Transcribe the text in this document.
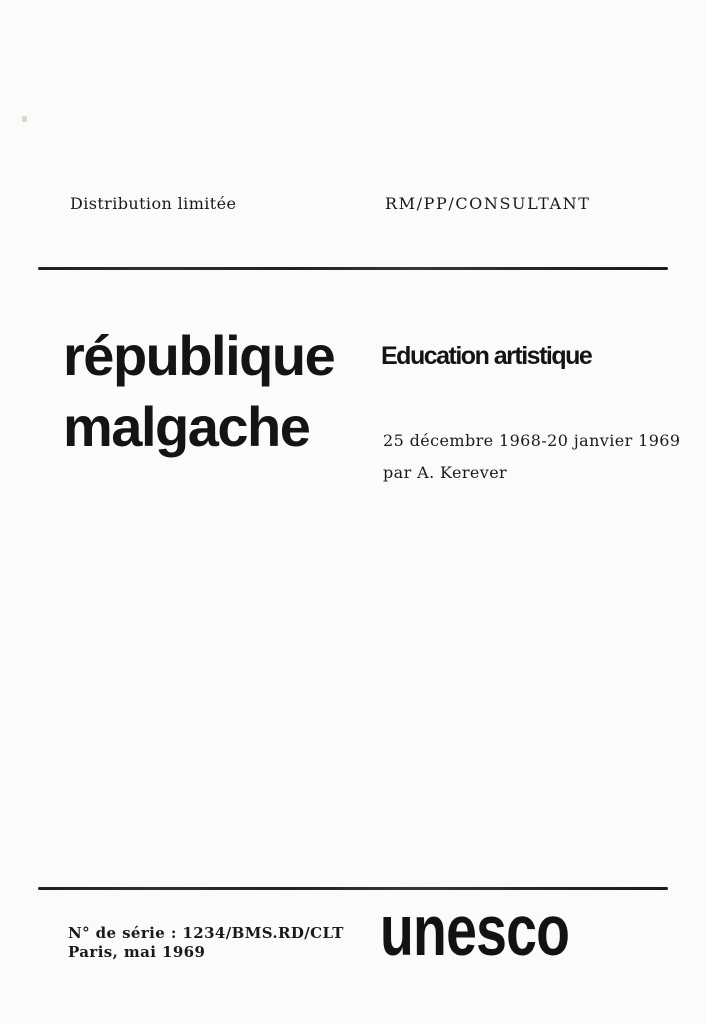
Distribution limitée	RM/PP/CONSULTANT
république
malgache
Education artistique
25 décembre 1968-20 janvier 1969
par A. Kerever
N° de série : 1234/BMS.RD/CLT
Paris, mai 1969	unesco
